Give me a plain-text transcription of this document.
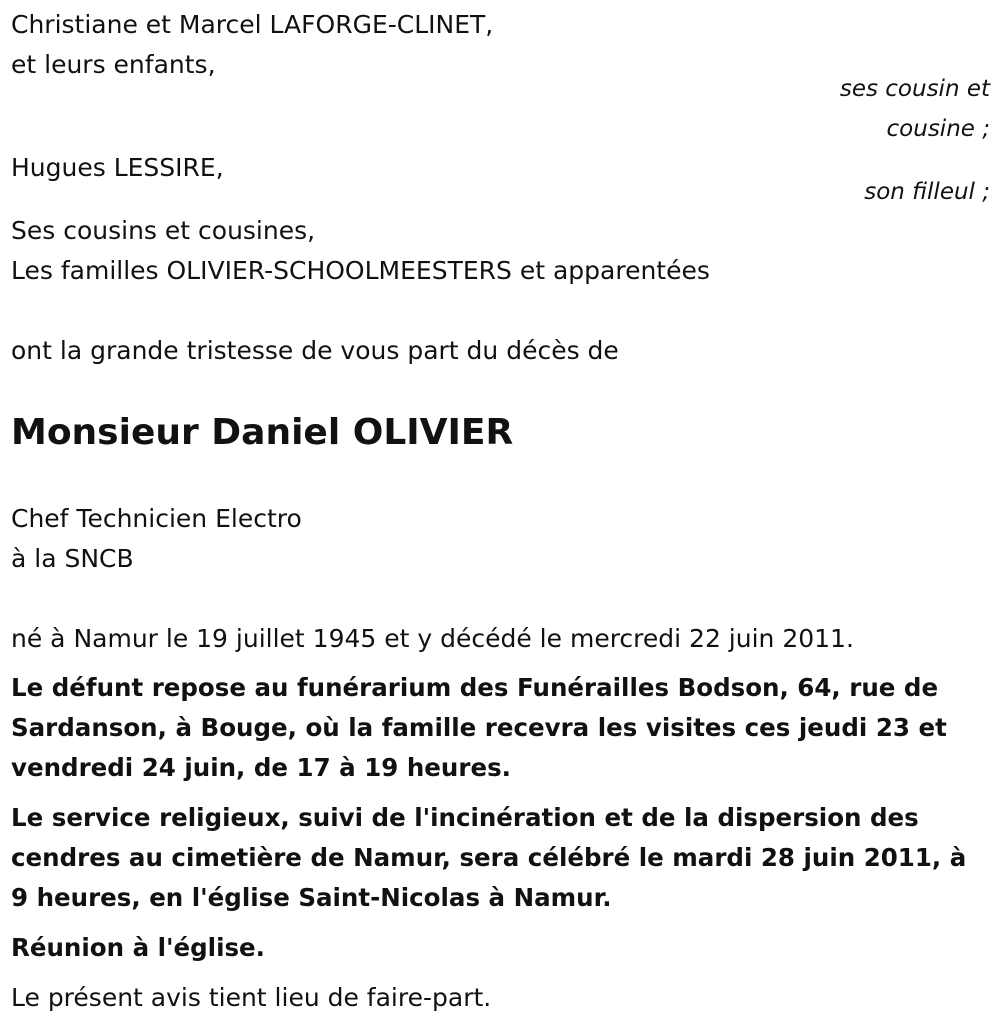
Christiane et Marcel LAFORGE-CLINET,

et leurs enfants,

ses cousin et

cousine ;

Hugues LESSIRE,

son filleul ;

Ses cousins et cousines,

Les familles OLIVIER-SCHOOLMEESTERS et apparentées

ont la grande tristesse de vous part du décès de

Monsieur Daniel OLIVIER

Chef Technicien Electro

à la SNCB

né à Namur le 19 juillet 1945 et y décédé le mercredi 22 juin 2011.

Le défunt repose au funérarium des Funérailles Bodson, 64, rue de Sardanson, à Bouge, où la famille recevra les visites ces jeudi 23 et vendredi 24 juin, de 17 à 19 heures.

Le service religieux, suivi de l'incinération et de la dispersion des cendres au cimetière de Namur, sera célébré le mardi 28 juin 2011, à 9 heures, en l'église Saint-Nicolas à Namur.

Réunion à l'église.

Le présent avis tient lieu de faire-part.
